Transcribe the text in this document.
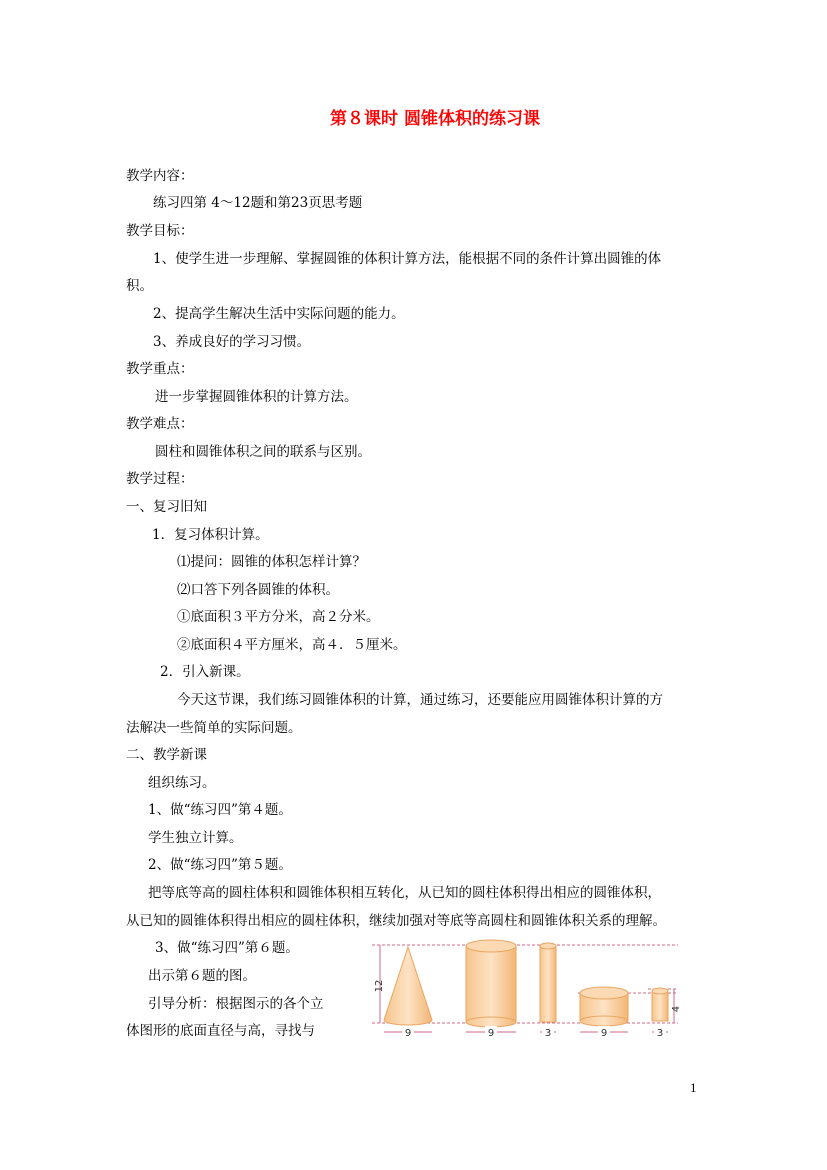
第８课时 圆锥体积的练习课
教学内容：
练习四第 4～12题和第23页思考题
教学目标：
1、使学生进一步理解、掌握圆锥的体积计算方法，能根据不同的条件计算出圆锥的体
积。
2、提高学生解决生活中实际问题的能力。
3、养成良好的学习习惯。
教学重点：
进一步掌握圆锥体积的计算方法。
教学难点：
圆柱和圆锥体积之间的联系与区别。
教学过程：
一、复习旧知
1．复习体积计算。
⑴提问：圆锥的体积怎样计算？
⑵口答下列各圆锥的体积。
①底面积３平方分米，高２分米。
②底面积４平方厘米，高４．５厘米。
2．引入新课。
今天这节课，我们练习圆锥体积的计算，通过练习，还要能应用圆锥体积计算的方
法解决一些简单的实际问题。
二、教学新课
组织练习。
1、做“练习四”第４题。
学生独立计算。
2、做“练习四”第５题。
把等底等高的圆柱体积和圆锥体积相互转化，从已知的圆柱体积得出相应的圆锥体积，
从已知的圆锥体积得出相应的圆柱体积，继续加强对等底等高圆柱和圆锥体积关系的理解。
3、做“练习四”第６题。
出示第６题的图。
引导分析：根据图示的各个立
体图形的底面直径与高，寻找与
12
4
9	9	3	9	3
1
